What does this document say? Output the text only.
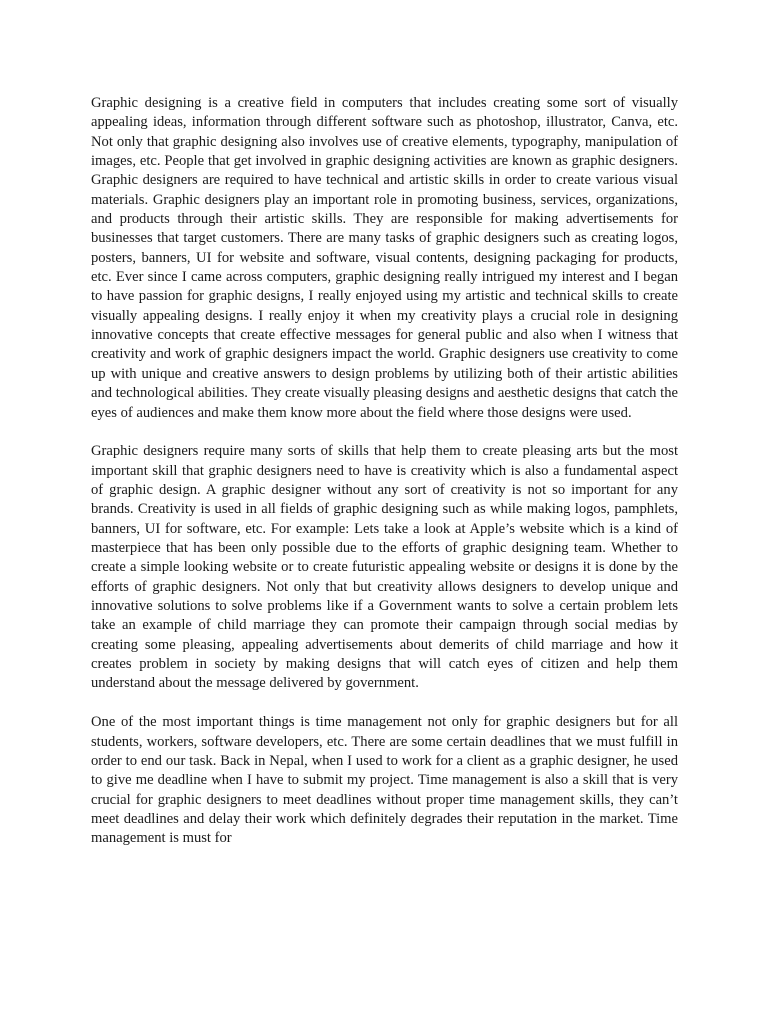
Graphic designing is a creative field in computers that includes creating some sort of visually appealing ideas, information through different software such as photoshop, illustrator, Canva, etc. Not only that graphic designing also involves use of creative elements, typography, manipulation of images, etc. People that get involved in graphic designing activities are known as graphic designers. Graphic designers are required to have technical and artistic skills in order to create various visual materials. Graphic designers play an important role in promoting business, services, organizations, and products through their artistic skills. They are responsible for making advertisements for businesses that target customers. There are many tasks of graphic designers such as creating logos, posters, banners, UI for website and software, visual contents, designing packaging for products, etc. Ever since I came across computers, graphic designing really intrigued my interest and I began to have passion for graphic designs, I really enjoyed using my artistic and technical skills to create visually appealing designs. I really enjoy it when my creativity plays a crucial role in designing innovative concepts that create effective messages for general public and also when I witness that creativity and work of graphic designers impact the world. Graphic designers use creativity to come up with unique and creative answers to design problems by utilizing both of their artistic abilities and technological abilities. They create visually pleasing designs and aesthetic designs that catch the eyes of audiences and make them know more about the field where those designs were used.

Graphic designers require many sorts of skills that help them to create pleasing arts but the most important skill that graphic designers need to have is creativity which is also a fundamental aspect of graphic design. A graphic designer without any sort of creativity is not so important for any brands. Creativity is used in all fields of graphic designing such as while making logos, pamphlets, banners, UI for software, etc. For example: Lets take a look at Apple’s website which is a kind of masterpiece that has been only possible due to the efforts of graphic designing team. Whether to create a simple looking website or to create futuristic appealing website or designs it is done by the efforts of graphic designers. Not only that but creativity allows designers to develop unique and innovative solutions to solve problems like if a Government wants to solve a certain problem lets take an example of child marriage they can promote their campaign through social medias by creating some pleasing, appealing advertisements about demerits of child marriage and how it creates problem in society by making designs that will catch eyes of citizen and help them understand about the message delivered by government.

One of the most important things is time management not only for graphic designers but for all students, workers, software developers, etc. There are some certain deadlines that we must fulfill in order to end our task. Back in Nepal, when I used to work for a client as a graphic designer, he used to give me deadline when I have to submit my project. Time management is also a skill that is very crucial for graphic designers to meet deadlines without proper time management skills, they can’t meet deadlines and delay their work which definitely degrades their reputation in the market. Time management is must for
